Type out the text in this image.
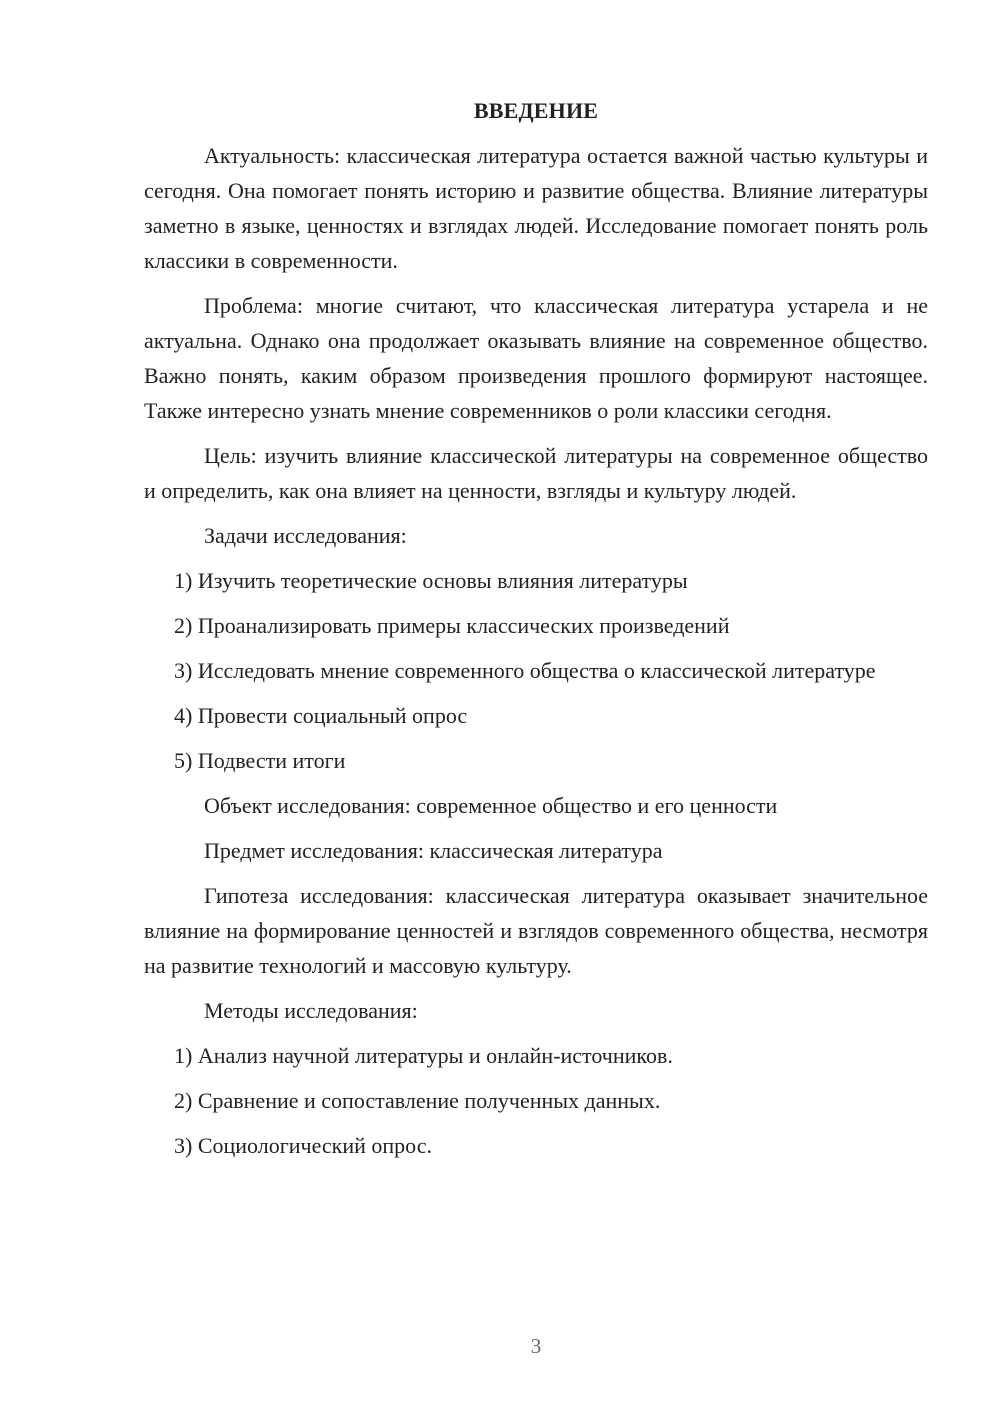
ВВЕДЕНИЕ

Актуальность: классическая литература остается важной частью культуры и сегодня. Она помогает понять историю и развитие общества. Влияние литературы заметно в языке, ценностях и взглядах людей. Исследование помогает понять роль классики в современности.

Проблема: многие считают, что классическая литература устарела и не актуальна. Однако она продолжает оказывать влияние на современное общество. Важно понять, каким образом произведения прошлого формируют настоящее. Также интересно узнать мнение современников о роли классики сегодня.

Цель: изучить влияние классической литературы на современное общество и определить, как она влияет на ценности, взгляды и культуру людей.

Задачи исследования:

1) Изучить теоретические основы влияния литературы

2) Проанализировать примеры классических произведений

3) Исследовать мнение современного общества о классической литературе

4) Провести социальный опрос

5) Подвести итоги

Объект исследования: современное общество и его ценности

Предмет исследования: классическая литература

Гипотеза исследования: классическая литература оказывает значительное влияние на формирование ценностей и взглядов современного общества, несмотря на развитие технологий и массовую культуру.

Методы исследования:

1) Анализ научной литературы и онлайн-источников.

2) Сравнение и сопоставление полученных данных.

3) Социологический опрос.

3
